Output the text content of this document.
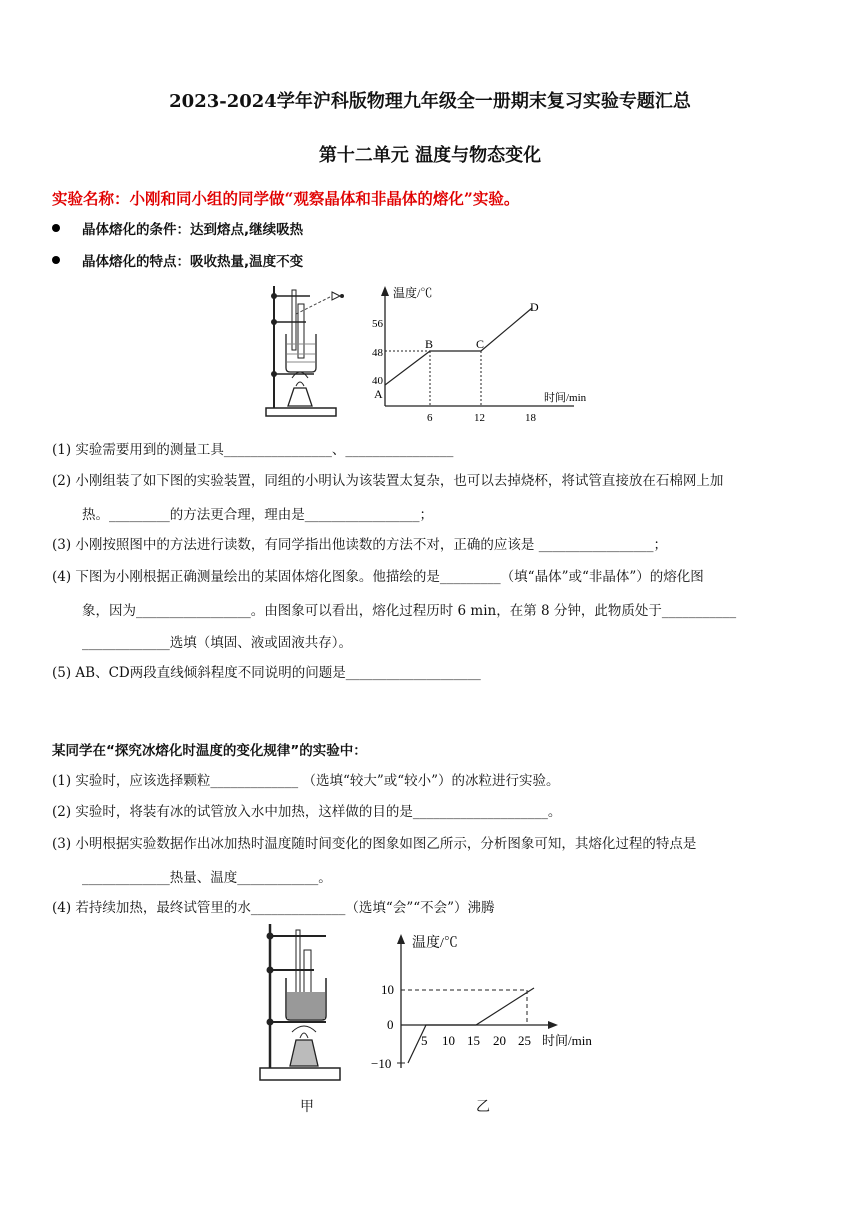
2023-2024学年沪科版物理九年级全一册期末复习实验专题汇总
第十二单元 温度与物态变化
实验名称：小刚和同小组的同学做“观察晶体和非晶体的熔化”实验。
晶体熔化的条件：达到熔点,继续吸热
晶体熔化的特点：吸收热量,温度不变
温度/℃
时间/min
56
48
40
6	12	18
A
B	C
D
(1) 实验需要用到的测量工具________________、________________
(2) 小刚组装了如下图的实验装置，同组的小明认为该装置太复杂，也可以去掉烧杯，将试管直接放在石棉网上加
热。_________的方法更合理，理由是_________________；
(3) 小刚按照图中的方法进行读数，有同学指出他读数的方法不对，正确的应该是 _________________；
(4) 下图为小刚根据正确测量绘出的某固体熔化图象。他描绘的是_________（填“晶体”或“非晶体”）的熔化图
象，因为_________________。由图象可以看出，熔化过程历时 6 min，在第 8 分钟，此物质处于___________
_____________选填（填固、液或固液共存）。
(5) AB、CD两段直线倾斜程度不同说明的问题是____________________
某同学在“探究冰熔化时温度的变化规律”的实验中：
(1) 实验时，应该选择颗粒_____________ （选填“较大”或“较小”）的冰粒进行实验。
(2) 实验时，将装有冰的试管放入水中加热，这样做的目的是____________________。
(3) 小明根据实验数据作出冰加热时温度随时间变化的图象如图乙所示，分析图象可知，其熔化过程的特点是
_____________热量、温度____________。
(4) 若持续加热，最终试管里的水______________（选填“会”“不会”）沸腾
温度/℃
时间/min
10
0
−10
5 10 15 20 25
甲	乙
